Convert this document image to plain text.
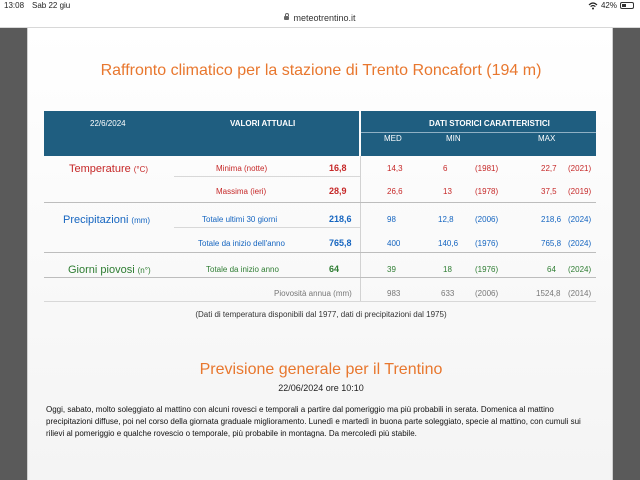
13:08 Sab 22 giu	42%
meteotrentino.it
Raffronto climatico per la stazione di Trento Roncafort (194 m)
22/6/2024	VALORI ATTUALI	DATI STORICI CARATTERISTICI
MED	MIN	MAX
Temperature (°C)	Minima (notte)	16,8	14,3	6	(1981)	22,7 (2021)
Massima (ieri)	28,9	26,6	13	(1978)	37,5 (2019)
Precipitazioni (mm)	Totale ultimi 30 giorni	218,6	98	12,8	(2006)	218,6 (2024)
Totale da inizio dell'anno	765,8	400	140,6 (1976)	765,8 (2024)
Giorni piovosi (n°)	Totale da inizio anno	64	39	18	(1976)	64 (2024)
Piovosità annua (mm)	983	633	(2006)	1524,8 (2014)
(Dati di temperatura disponibili dal 1977, dati di precipitazioni dal 1975)
Previsione generale per il Trentino
22/06/2024 ore 10:10
Oggi, sabato, molto soleggiato al mattino con alcuni rovesci e temporali a partire dal pomeriggio ma più probabili in serata. Domenica al mattino precipitazioni diffuse, poi nel corso della giornata graduale miglioramento. Lunedì e martedì in buona parte soleggiato, specie al mattino, con cumuli sui rilievi al pomeriggio e qualche rovescio o temporale, più probabile in montagna. Da mercoledì più stabile.
